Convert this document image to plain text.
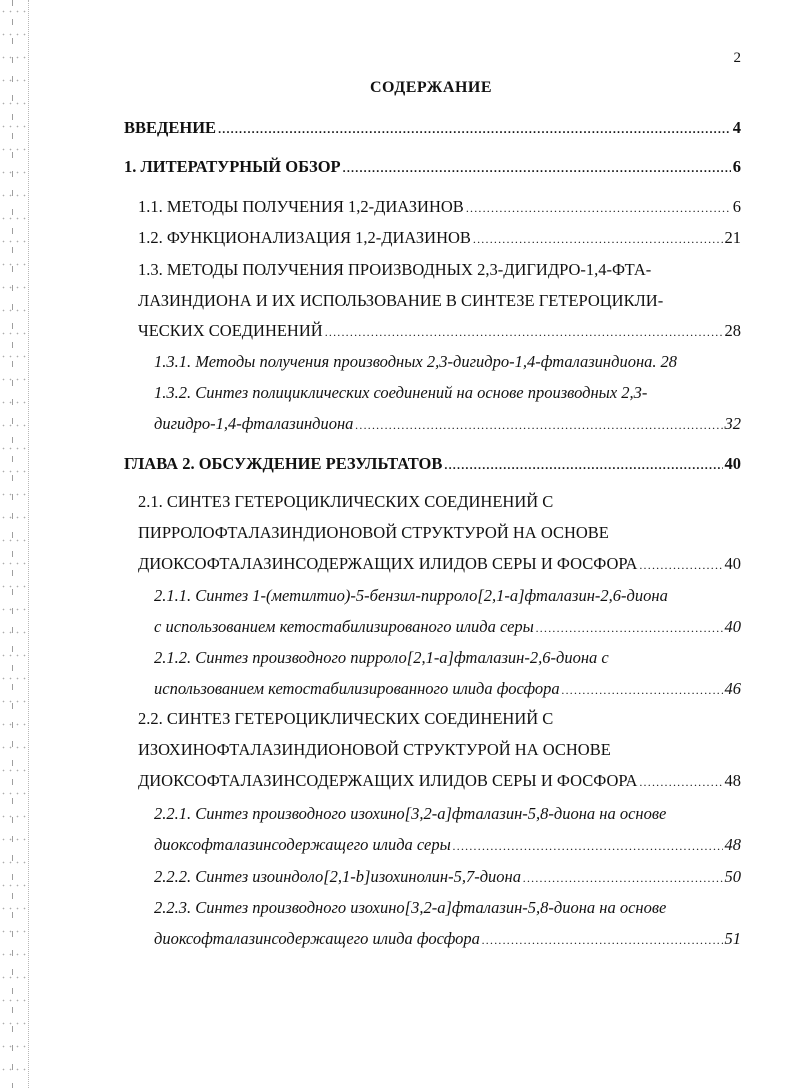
2
СОДЕРЖАНИЕ
ВВЕДЕНИЕ .....	4
1. ЛИТЕРАТУРНЫЙ ОБЗОР .....	6
1.1. МЕТОДЫ ПОЛУЧЕНИЯ 1,2-ДИАЗИНОВ .....	6
1.2. ФУНКЦИОНАЛИЗАЦИЯ 1,2-ДИАЗИНОВ .....	21
1.3. МЕТОДЫ ПОЛУЧЕНИЯ ПРОИЗВОДНЫХ 2,3-ДИГИДРО-1,4-ФТА-
ЛАЗИНДИОНА И ИХ ИСПОЛЬЗОВАНИЕ В СИНТЕЗЕ ГЕТЕРОЦИКЛИ-
ЧЕСКИХ СОЕДИНЕНИЙ .....	28
1.3.1. Методы получения производных 2,3-дигидро-1,4-фталазиндиона. 28
1.3.2. Синтез полициклических соединений на основе производных 2,3-
дигидро-1,4-фталазиндиона .....	32
ГЛАВА 2. ОБСУЖДЕНИЕ РЕЗУЛЬТАТОВ .....	40
2.1. СИНТЕЗ ГЕТЕРОЦИКЛИЧЕСКИХ СОЕДИНЕНИЙ С
ПИРРОЛОФТАЛАЗИНДИОНОВОЙ СТРУКТУРОЙ НА ОСНОВЕ
ДИОКСОФТАЛАЗИНСОДЕРЖАЩИХ ИЛИДОВ СЕРЫ И ФОСФОРА .....	40
2.1.1. Синтез 1-(метилтио)-5-бензил-пирроло[2,1-a]фталазин-2,6-диона
с использованием кетостабилизированого илида серы .....	40
2.1.2. Синтез производного пирроло[2,1-a]фталазин-2,6-диона с
использованием кетостабилизированного илида фосфора .....	46
2.2. СИНТЕЗ ГЕТЕРОЦИКЛИЧЕСКИХ СОЕДИНЕНИЙ С
ИЗОХИНОФТАЛАЗИНДИОНОВОЙ СТРУКТУРОЙ НА ОСНОВЕ
ДИОКСОФТАЛАЗИНСОДЕРЖАЩИХ ИЛИДОВ СЕРЫ И ФОСФОРА .....	48
2.2.1. Синтез производного изохино[3,2-a]фталазин-5,8-диона на основе
диоксофталазинсодержащего илида серы .....	48
2.2.2. Синтез изоиндоло[2,1-b]изохинолин-5,7-диона .....	50
2.2.3. Синтез производного изохино[3,2-a]фталазин-5,8-диона на основе
диоксофталазинсодержащего илида фосфора .....	51
